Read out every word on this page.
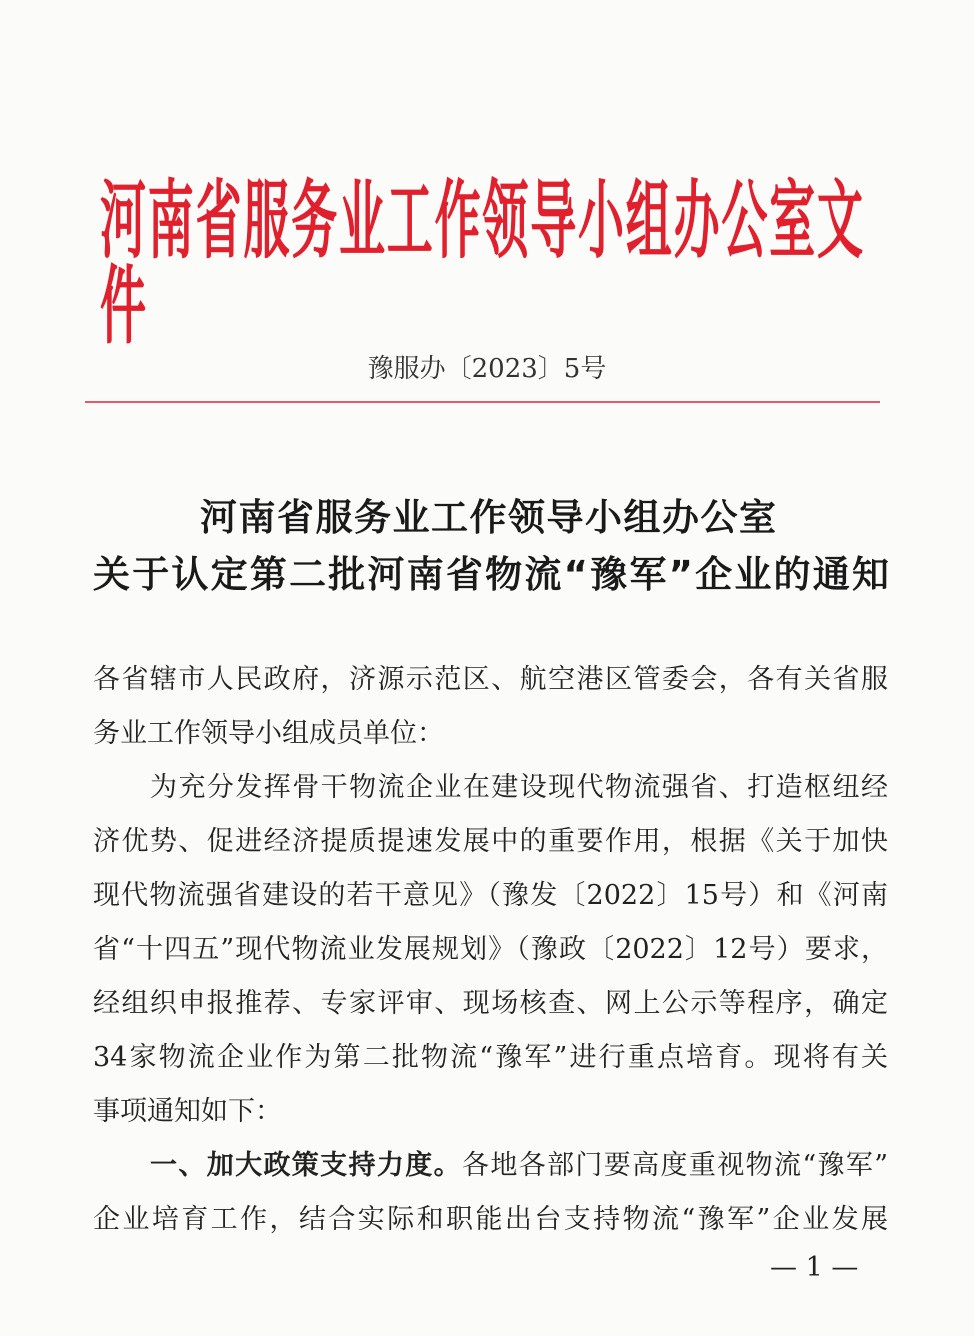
河南省服务业工作领导小组办公室文件
豫服办〔2023〕5号
河南省服务业工作领导小组办公室
关于认定第二批河南省物流“豫军”企业的通知
各省辖市人民政府，济源示范区、航空港区管委会，各有关省服
务业工作领导小组成员单位：
为充分发挥骨干物流企业在建设现代物流强省、打造枢纽经
济优势、促进经济提质提速发展中的重要作用，根据《关于加快
现代物流强省建设的若干意见》（豫发〔2022〕15号）和《河南
省“十四五”现代物流业发展规划》（豫政〔2022〕12号）要求，
经组织申报推荐、专家评审、现场核查、网上公示等程序，确定
34家物流企业作为第二批物流“豫军”进行重点培育。现将有关
事项通知如下：
一、加大政策支持力度。各地各部门要高度重视物流“豫军”
企业培育工作，结合实际和职能出台支持物流“豫军”企业发展
— 1 —
